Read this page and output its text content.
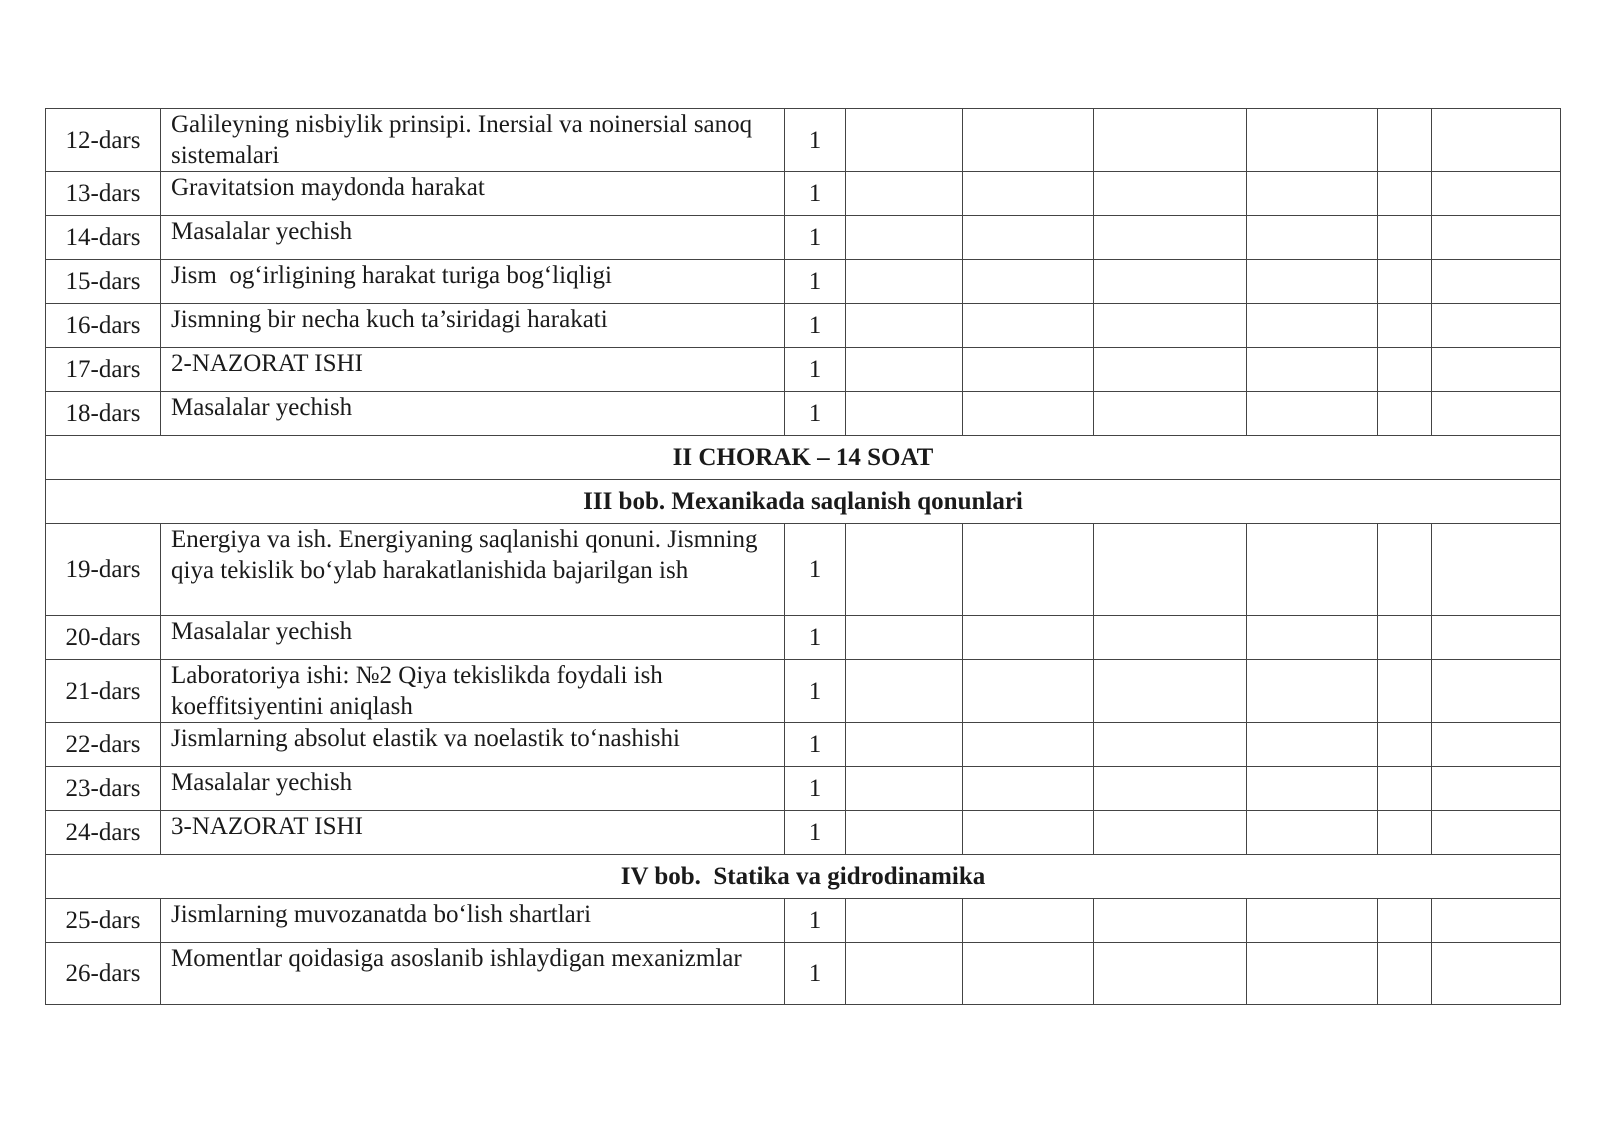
12-dars	Galileyning nisbiylik prinsipi. Inersial va noinersial sanoq sistemalari	1						
13-dars	Gravitatsion maydonda harakat	1						
14-dars	Masalalar yechish	1						
15-dars	Jism  og‘irligining harakat turiga bog‘liqligi	1						
16-dars	Jismning bir necha kuch ta’siridagi harakati	1						
17-dars	2-NAZORAT ISHI	1						
18-dars	Masalalar yechish	1						
II CHORAK – 14 SOAT								
III bob. Mexanikada saqlanish qonunlari								
19-dars	Energiya va ish. Energiyaning saqlanishi qonuni. Jismning qiya tekislik bo‘ylab harakatlanishida bajarilgan ish	1						
20-dars	Masalalar yechish	1						
21-dars	Laboratoriya ishi: №2 Qiya tekislikda foydali ish koeffitsiyentini aniqlash	1						
22-dars	Jismlarning absolut elastik va noelastik to‘nashishi	1						
23-dars	Masalalar yechish	1						
24-dars	3-NAZORAT ISHI	1						
IV bob.  Statika va gidrodinamika								
25-dars	Jismlarning muvozanatda bo‘lish shartlari	1						
26-dars	Momentlar qoidasiga asoslanib ishlaydigan mexanizmlar	1						
